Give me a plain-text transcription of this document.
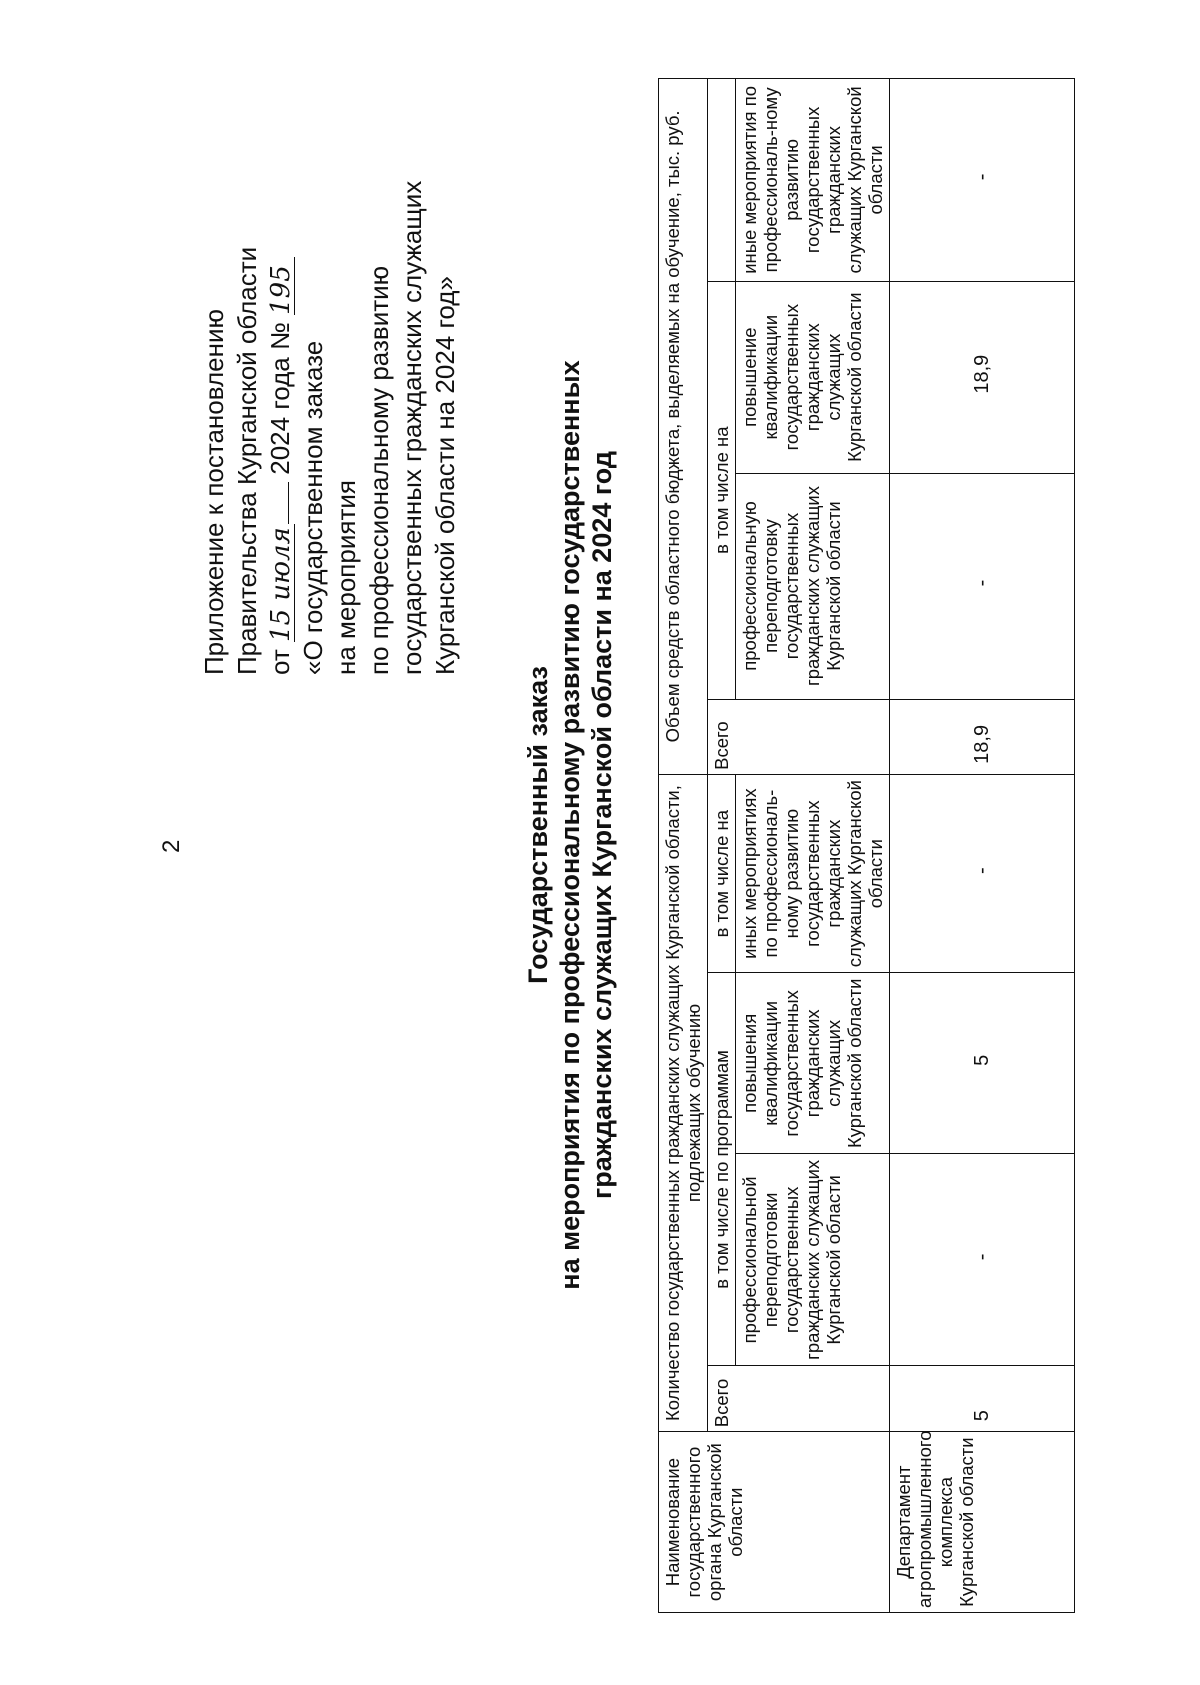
2
Приложение к постановлению Правительства Курганской области от 15 июля 2024 года № 195
«О государственном заказе на мероприятия по профессиональному развитию государственных гражданских служащих Курганской области на 2024 год»
Государственный заказ на мероприятия по профессиональному развитию государственных гражданских служащих Курганской области на 2024 год
Наименование государственного органа Курганской области	Количество государственных гражданских служащих Курганской области, подлежащих обучению				Объем средств областного бюджета, выделяемых на обучение, тыс. руб.			
	Всего	в том числе по программам		в том числе на	Всего	в том числе на		
		профессиональной переподготовки государственных гражданских служащих Курганской области	повышения квалификации государственных гражданских служащих Курганской области	иных мероприятиях по профессиональ-ному развитию государственных гражданских служащих Курганской области		профессиональную переподготовку государственных гражданских служащих Курганской области	повышение квалификации государственных гражданских служащих Курганской области	иные мероприятия по профессиональ-ному развитию государственных гражданских служащих Курганской области
Департамент агропромышленного комплекса Курганской области	5	-	5	-	18,9	-	18,9	-
